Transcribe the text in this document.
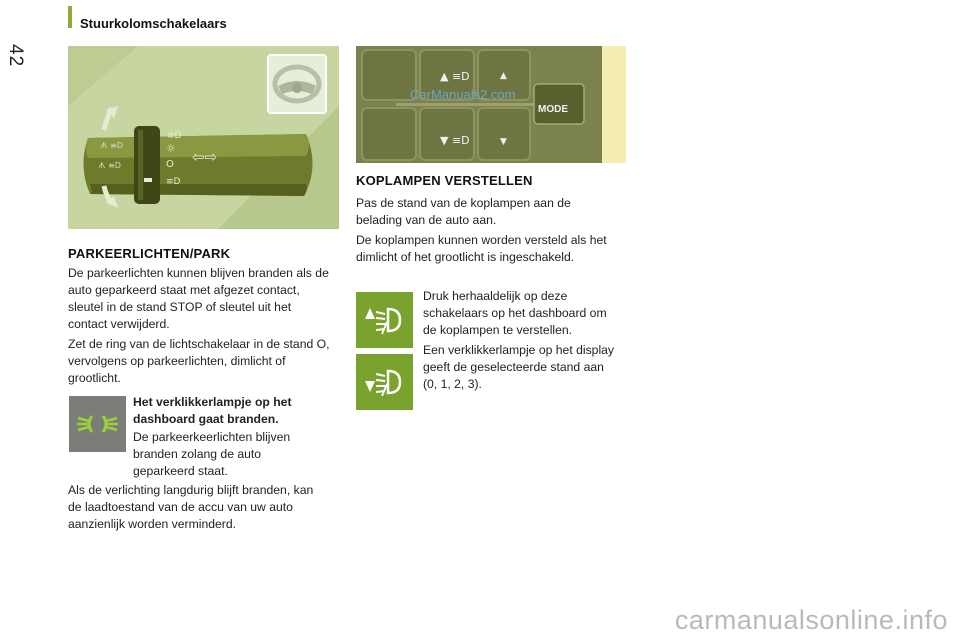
42
Stuurkolomschakelaars
≡D
☼
O
≡D
⇦⇨
ᗑ ≡D
ᗑ ≡D
MODE
▲ ≡D	▲
▼ ≡D	▼
CarManuals2.com
PARKEERLICHTEN/PARK
De parkeerlichten kunnen blijven branden als de auto geparkeerd staat met afgezet contact, sleutel in de stand STOP of sleutel uit het contact verwijderd.
Zet de ring van de lichtschakelaar in de stand O, vervolgens op parkeerlichten, dimlicht of grootlicht.
Het verklikkerlampje op het dashboard gaat branden.
De parkeerkeerlichten blijven branden zolang de auto geparkeerd staat.
Als de verlichting langdurig blijft branden, kan de laadtoestand van de accu van uw auto aanzienlijk worden verminderd.
KOPLAMPEN VERSTELLEN
Pas de stand van de koplampen aan de belading van de auto aan.
De koplampen kunnen worden versteld als het dimlicht of het grootlicht is ingeschakeld.
Druk herhaaldelijk op deze schakelaars op het dashboard om de koplampen te verstellen.
Een verklikkerlampje op het display geeft de geselecteerde stand aan (0, 1, 2, 3).
carmanualsonline.info
